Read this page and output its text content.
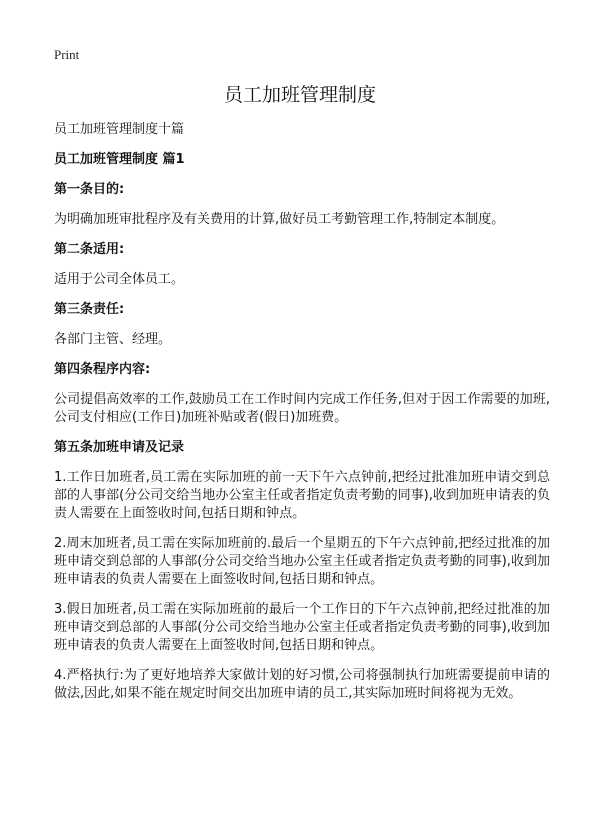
Print
员工加班管理制度

员工加班管理制度十篇

员工加班管理制度 篇1

第一条目的:

为明确加班审批程序及有关费用的计算,做好员工考勤管理工作,特制定本制度。

第二条适用:

适用于公司全体员工。

第三条责任:

各部门主管、经理。

第四条程序内容:

公司提倡高效率的工作,鼓励员工在工作时间内完成工作任务,但对于因工作需要的加班,公司支付相应(工作日)加班补贴或者(假日)加班费。

第五条加班申请及记录

1.工作日加班者,员工需在实际加班的前一天下午六点钟前,把经过批准加班申请交到总部的人事部(分公司交给当地办公室主任或者指定负责考勤的同事),收到加班申请表的负责人需要在上面签收时间,包括日期和钟点。

2.周末加班者,员工需在实际加班前的.最后一个星期五的下午六点钟前,把经过批准的加班申请交到总部的人事部(分公司交给当地办公室主任或者指定负责考勤的同事),收到加班申请表的负责人需要在上面签收时间,包括日期和钟点。

3.假日加班者,员工需在实际加班前的最后一个工作日的下午六点钟前,把经过批准的加班申请交到总部的人事部(分公司交给当地办公室主任或者指定负责考勤的同事),收到加班申请表的负责人需要在上面签收时间,包括日期和钟点。

4.严格执行:为了更好地培养大家做计划的好习惯,公司将强制执行加班需要提前申请的做法,因此,如果不能在规定时间交出加班申请的员工,其实际加班时间将视为无效。
